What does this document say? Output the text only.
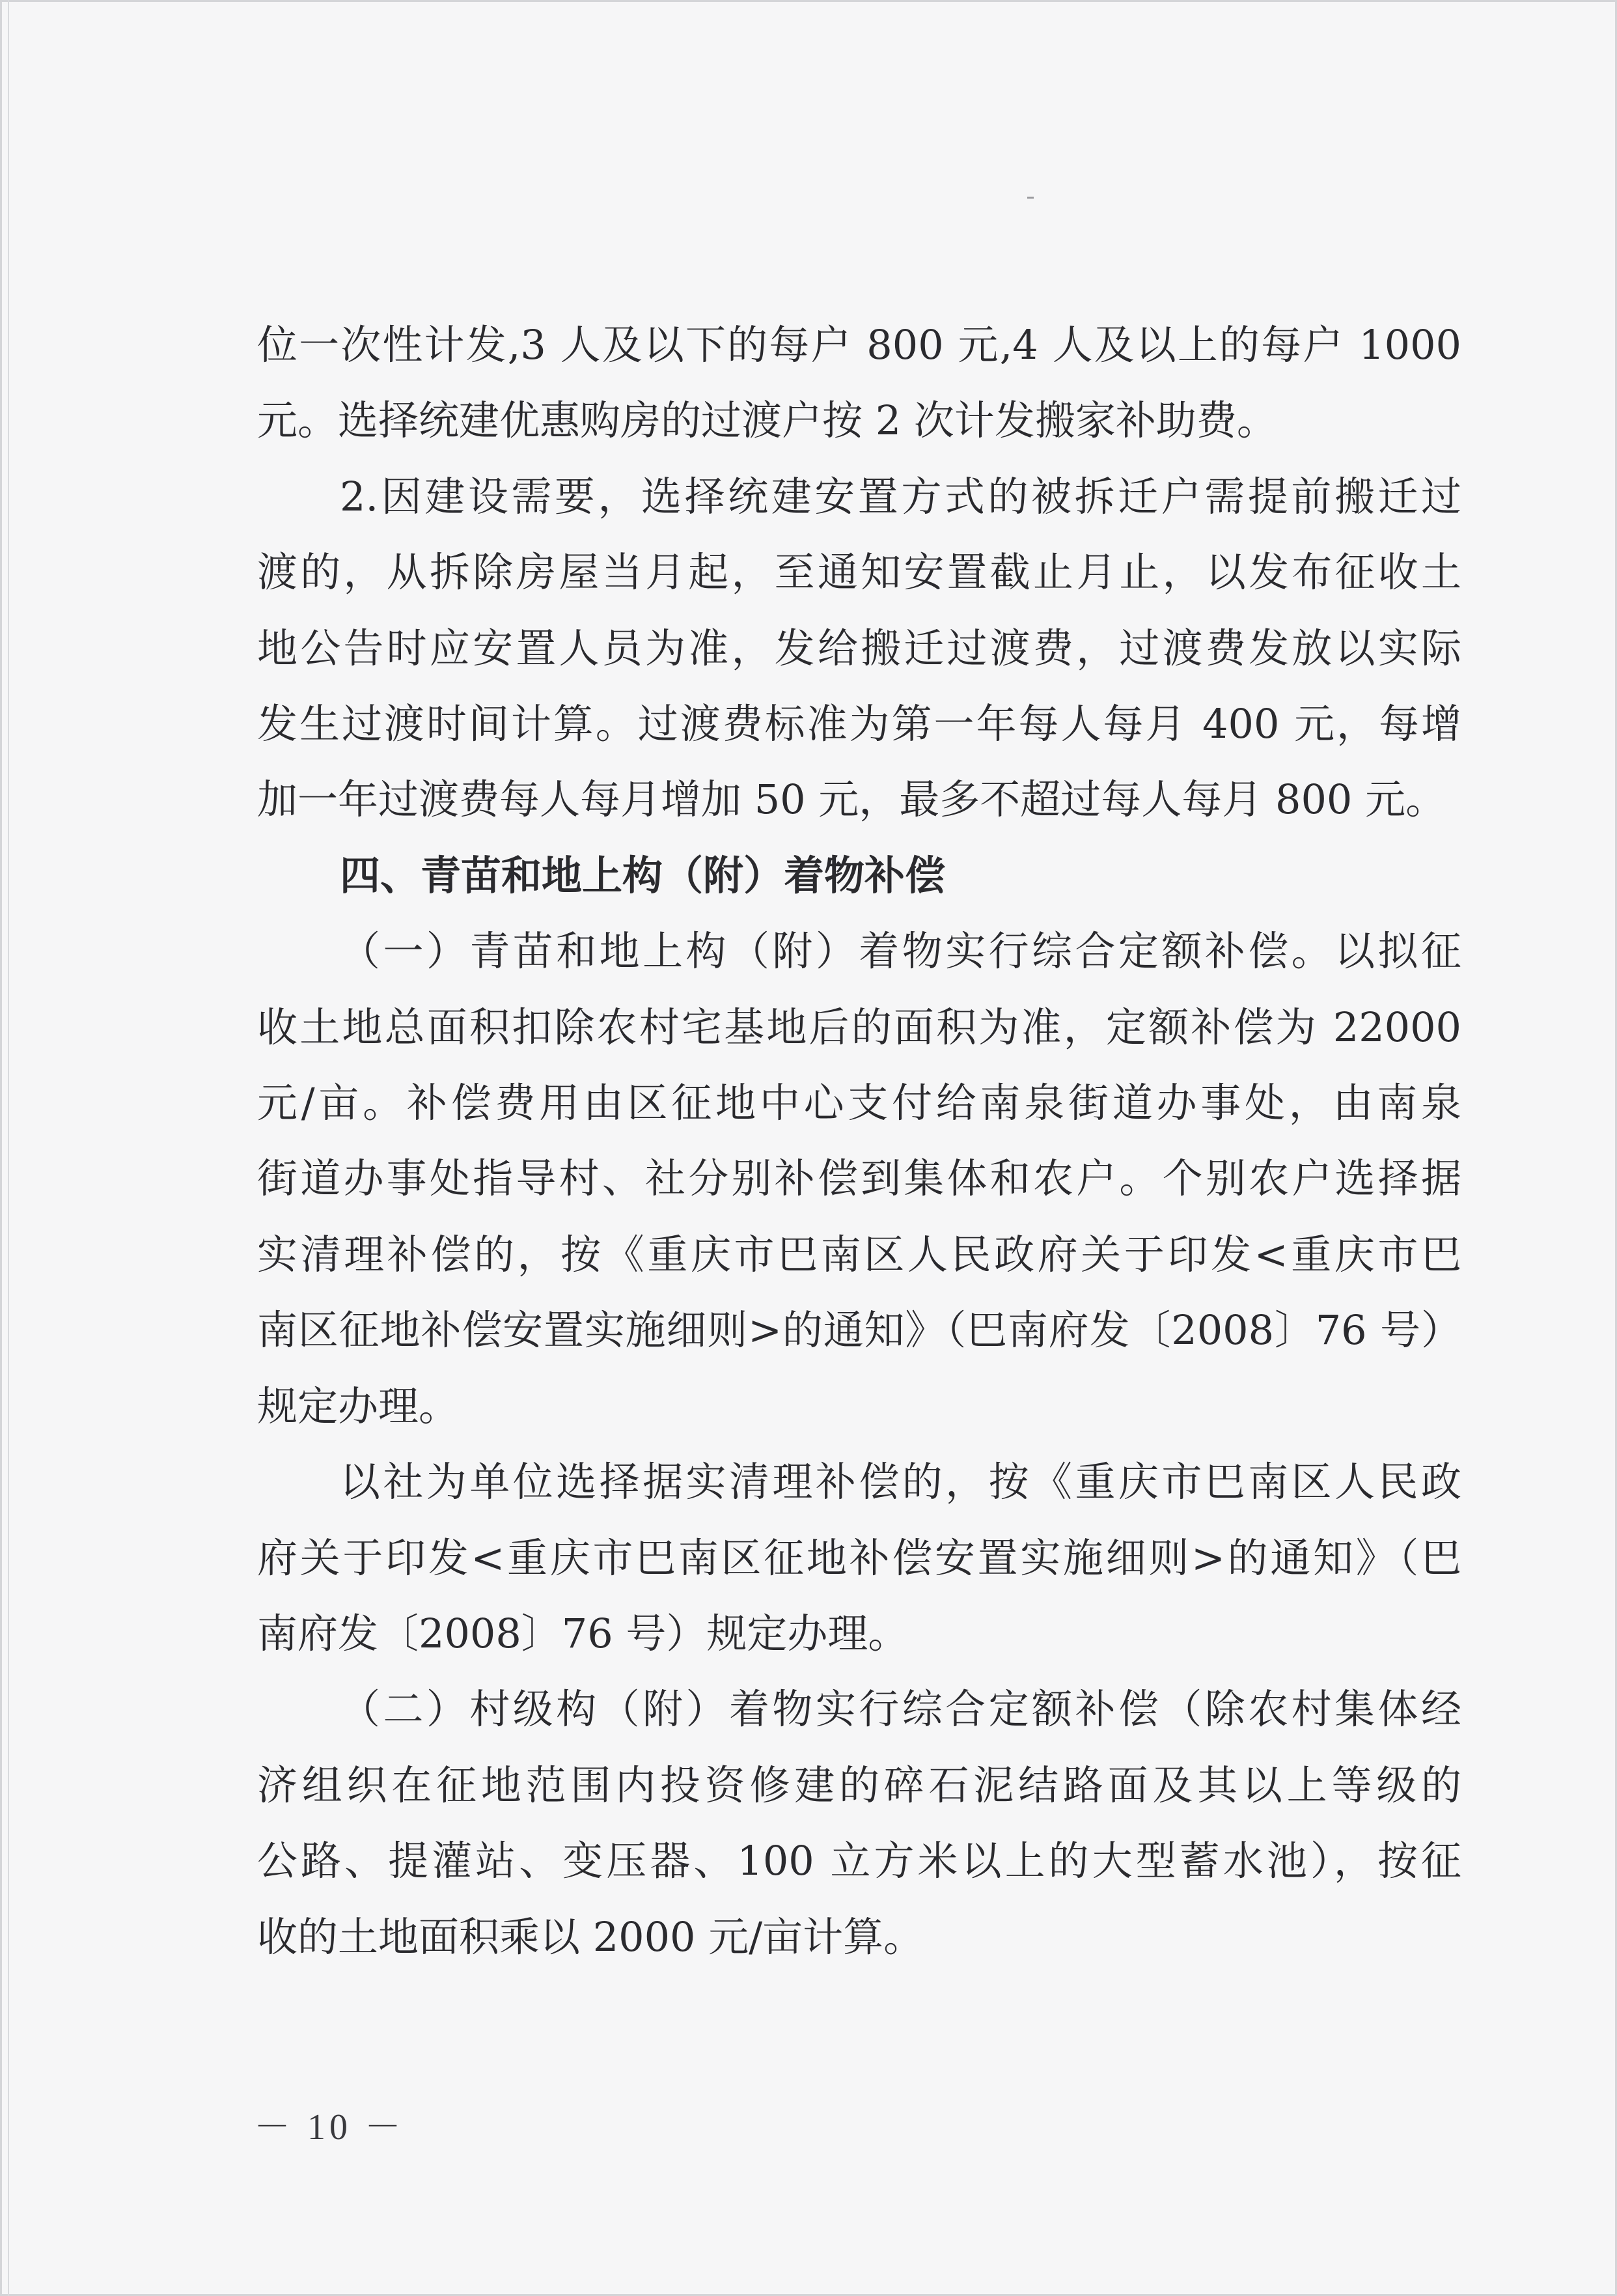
位一次性计发,3 人及以下的每户 800 元,4 人及以上的每户 1000

元。选择统建优惠购房的过渡户按 2 次计发搬家补助费。

2.因建设需要，选择统建安置方式的被拆迁户需提前搬迁过

渡的，从拆除房屋当月起，至通知安置截止月止，以发布征收土

地公告时应安置人员为准，发给搬迁过渡费，过渡费发放以实际

发生过渡时间计算。过渡费标准为第一年每人每月 400 元，每增

加一年过渡费每人每月增加 50 元，最多不超过每人每月 800 元。

四、青苗和地上构（附）着物补偿

（一）青苗和地上构（附）着物实行综合定额补偿。以拟征

收土地总面积扣除农村宅基地后的面积为准，定额补偿为 22000

元/亩。补偿费用由区征地中心支付给南泉街道办事处，由南泉

街道办事处指导村、社分别补偿到集体和农户。个别农户选择据

实清理补偿的，按《重庆市巴南区人民政府关于印发<重庆市巴

南区征地补偿安置实施细则>的通知》（巴南府发〔2008〕76 号）

规定办理。

以社为单位选择据实清理补偿的，按《重庆市巴南区人民政

府关于印发<重庆市巴南区征地补偿安置实施细则>的通知》（巴

南府发〔2008〕76 号）规定办理。

（二）村级构（附）着物实行综合定额补偿（除农村集体经

济组织在征地范围内投资修建的碎石泥结路面及其以上等级的

公路、提灌站、变压器、100 立方米以上的大型蓄水池），按征

收的土地面积乘以 2000 元/亩计算。

－ 10 －
